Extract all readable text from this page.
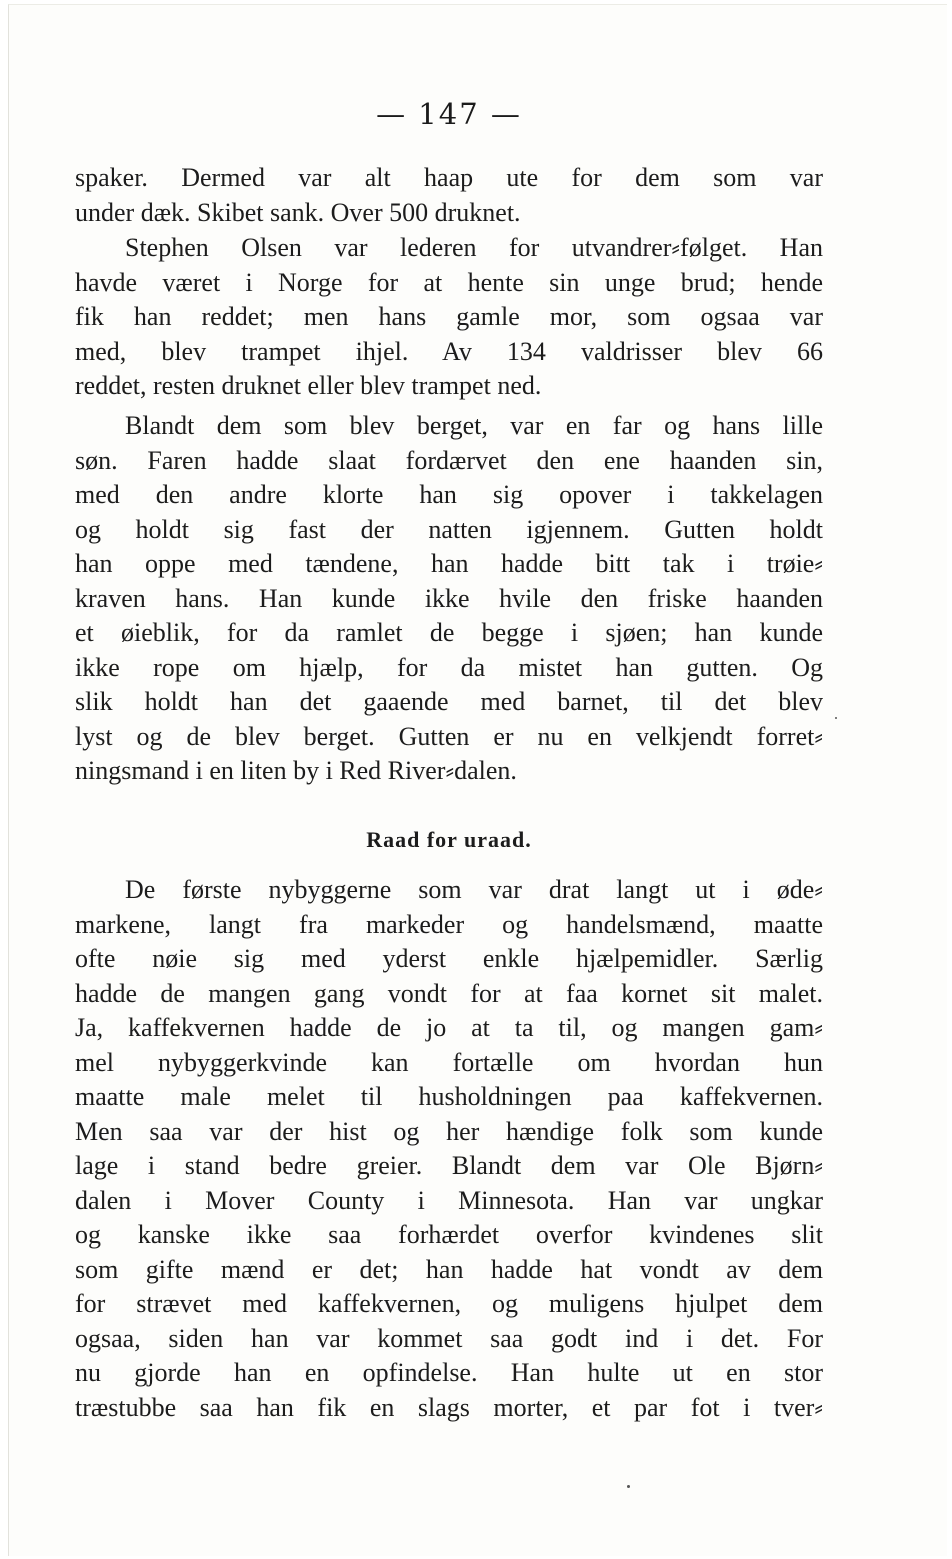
— 147 —
spaker. Dermed var alt haap ute for dem som var
under dæk. Skibet sank. Over 500 druknet.
Stephen Olsen var lederen for utvandrer⸗følget. Han
havde været i Norge for at hente sin unge brud; hende
fik han reddet; men hans gamle mor, som ogsaa var
med, blev trampet ihjel. Av 134 valdrisser blev 66
reddet, resten druknet eller blev trampet ned.
Blandt dem som blev berget, var en far og hans lille
søn. Faren hadde slaat fordærvet den ene haanden sin,
med den andre klorte han sig opover i takkelagen
og holdt sig fast der natten igjennem. Gutten holdt
han oppe med tændene, han hadde bitt tak i trøie⸗
kraven hans. Han kunde ikke hvile den friske haanden
et øieblik, for da ramlet de begge i sjøen; han kunde
ikke rope om hjælp, for da mistet han gutten. Og
slik holdt han det gaaende med barnet, til det blev
lyst og de blev berget. Gutten er nu en velkjendt forret⸗
ningsmand i en liten by i Red River⸗dalen.
Raad for uraad.
De første nybyggerne som var drat langt ut i øde⸗
markene, langt fra markeder og handelsmænd, maatte
ofte nøie sig med yderst enkle hjælpemidler. Særlig
hadde de mangen gang vondt for at faa kornet sit malet.
Ja, kaffekvernen hadde de jo at ta til, og mangen gam⸗
mel nybyggerkvinde kan fortælle om hvordan hun
maatte male melet til husholdningen paa kaffekvernen.
Men saa var der hist og her hændige folk som kunde
lage i stand bedre greier. Blandt dem var Ole Bjørn⸗
dalen i Mover County i Minnesota. Han var ungkar
og kanske ikke saa forhærdet overfor kvindenes slit
som gifte mænd er det; han hadde hat vondt av dem
for strævet med kaffekvernen, og muligens hjulpet dem
ogsaa, siden han var kommet saa godt ind i det. For
nu gjorde han en opfindelse. Han hulte ut en stor
træstubbe saa han fik en slags morter, et par fot i tver⸗
